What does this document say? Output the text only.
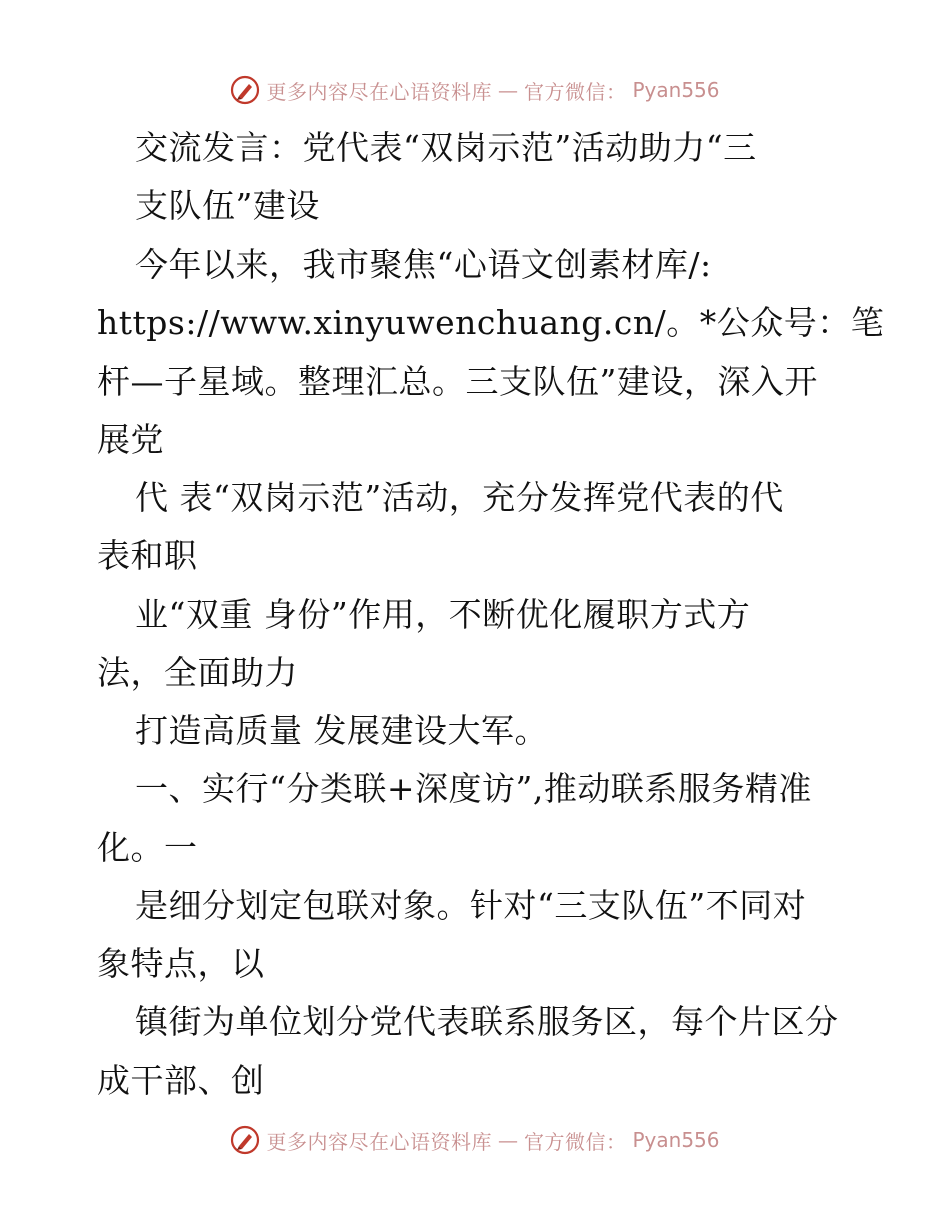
更多内容尽在心语资料库 — 官方微信： Pyan556
交流发言：党代表“双岗示范”活动助力“三
支队伍”建设
今年以来，我市聚焦“心语文创素材库/:
https://www.xinyuwenchuang.cn/。*公众号：笔
杆—子星域。整理汇总。三支队伍”建设，深入开
展党
代 表“双岗示范”活动，充分发挥党代表的代
表和职
业“双重 身份”作用，不断优化履职方式方
法，全面助力
打造高质量 发展建设大军。
一、实行“分类联+深度访”,推动联系服务精准
化。一
是细分划定包联对象。针对“三支队伍”不同对
象特点，以
镇街为单位划分党代表联系服务区，每个片区分
成干部、创
更多内容尽在心语资料库 — 官方微信： Pyan556
